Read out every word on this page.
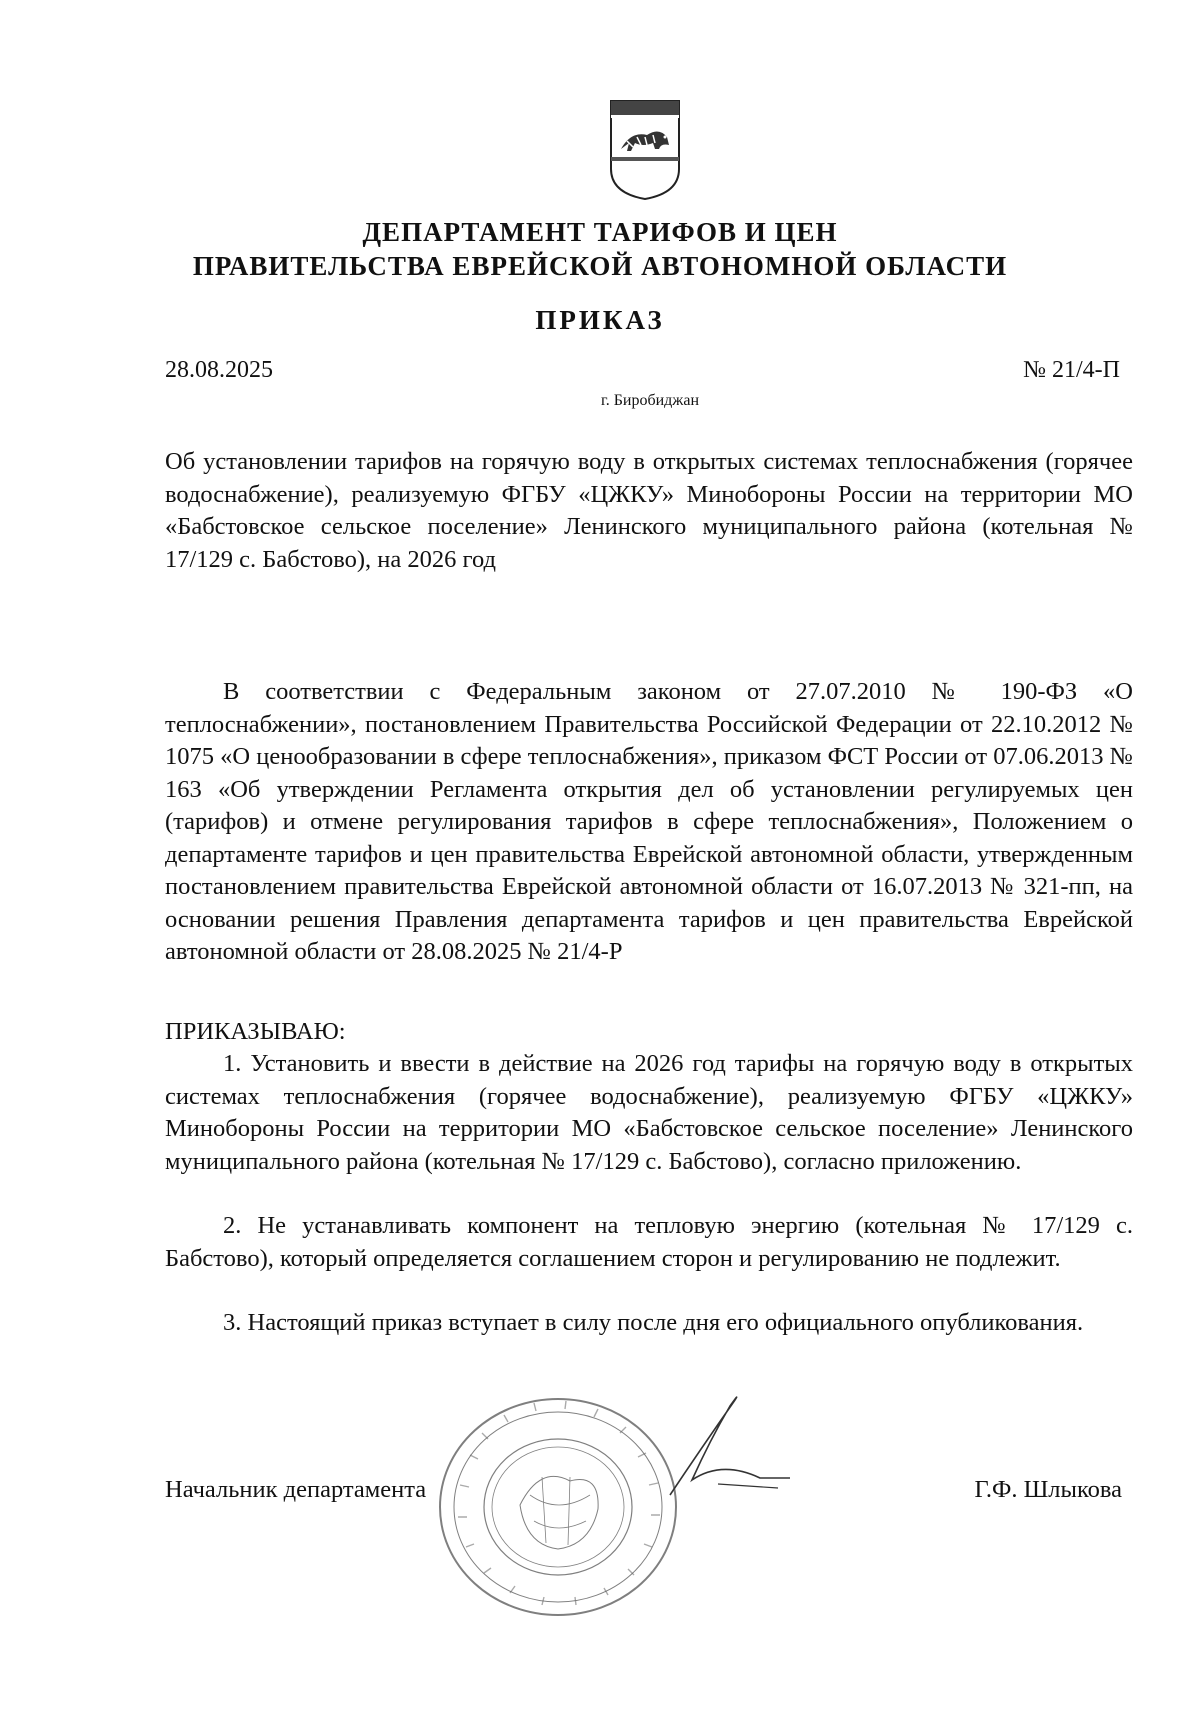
ДЕПАРТАМЕНТ ТАРИФОВ И ЦЕН
ПРАВИТЕЛЬСТВА ЕВРЕЙСКОЙ АВТОНОМНОЙ ОБЛАСТИ
ПРИКАЗ
28.08.2025	№ 21/4-П
г. Биробиджан
Об установлении тарифов на горячую воду в открытых системах теплоснабжения (горячее водоснабжение), реализуемую ФГБУ «ЦЖКУ» Минобороны России на территории МО «Бабстовское сельское поселение» Ленинского муниципального района (котельная № 17/129 с. Бабстово), на 2026 год
В соответствии с Федеральным законом от 27.07.2010 № 190-ФЗ «О теплоснабжении», постановлением Правительства Российской Федерации от 22.10.2012 № 1075 «О ценообразовании в сфере теплоснабжения», приказом ФСТ России от 07.06.2013 № 163 «Об утверждении Регламента открытия дел об установлении регулируемых цен (тарифов) и отмене регулирования тарифов в сфере теплоснабжения», Положением о департаменте тарифов и цен правительства Еврейской автономной области, утвержденным постановлением правительства Еврейской автономной области от 16.07.2013 № 321-пп, на основании решения Правления департамента тарифов и цен правительства Еврейской автономной области от 28.08.2025 № 21/4-Р
ПРИКАЗЫВАЮ:
1. Установить и ввести в действие на 2026 год тарифы на горячую воду в открытых системах теплоснабжения (горячее водоснабжение), реализуемую ФГБУ «ЦЖКУ» Минобороны России на территории МО «Бабстовское сельское поселение» Ленинского муниципального района (котельная № 17/129 с. Бабстово), согласно приложению.
2. Не устанавливать компонент на тепловую энергию (котельная № 17/129 с. Бабстово), который определяется соглашением сторон и регулированию не подлежит.
3. Настоящий приказ вступает в силу после дня его официального опубликования.
Начальник департамента	Г.Ф. Шлыкова
